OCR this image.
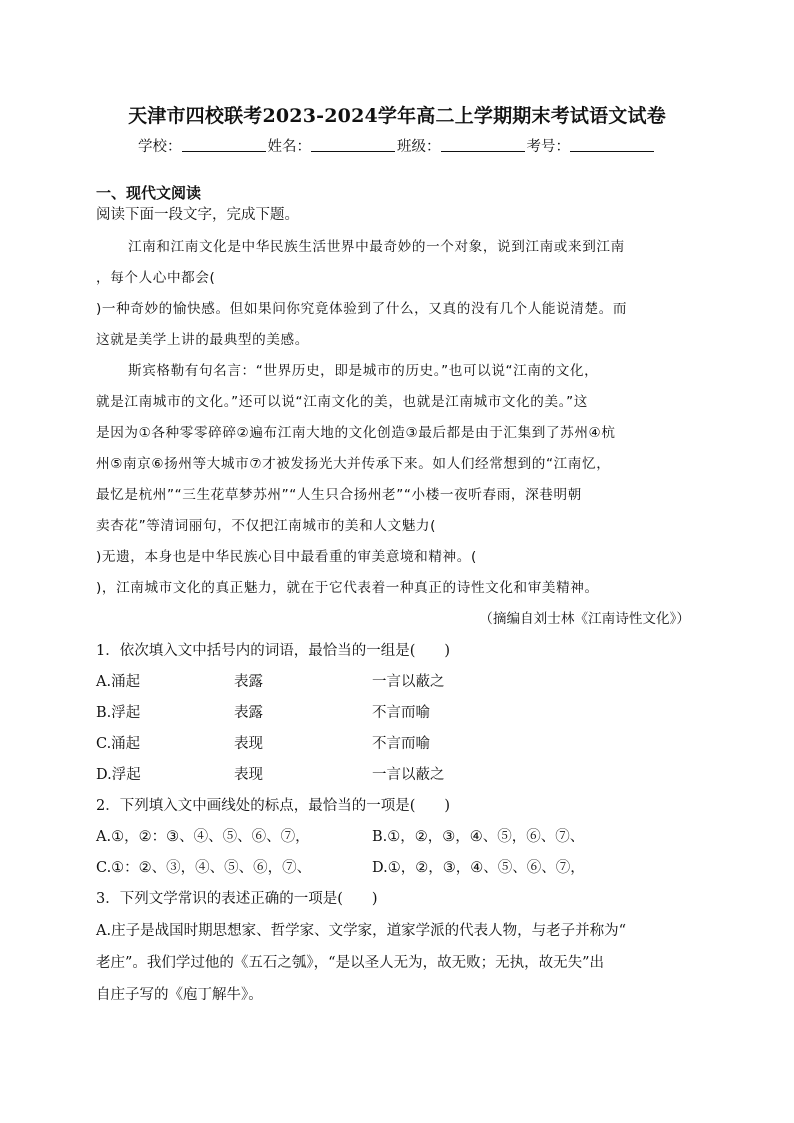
天津市四校联考2023-2024学年高二上学期期末考试语文试卷
学校：	姓名：	班级：	考号：
一、现代文阅读
阅读下面一段文字，完成下题。
江南和江南文化是中华民族生活世界中最奇妙的一个对象，说到江南或来到江南
，每个人心中都会(
)一种奇妙的愉快感。但如果问你究竟体验到了什么，又真的没有几个人能说清楚。而
这就是美学上讲的最典型的美感。
斯宾格勒有句名言：“世界历史，即是城市的历史。”也可以说“江南的文化，
就是江南城市的文化。”还可以说“江南文化的美，也就是江南城市文化的美。”这
是因为①各种零零碎碎②遍布江南大地的文化创造③最后都是由于汇集到了苏州④杭
州⑤南京⑥扬州等大城市⑦才被发扬光大并传承下来。如人们经常想到的“江南忆，
最忆是杭州”“三生花草梦苏州”“人生只合扬州老”“小楼一夜听春雨，深巷明朝
卖杏花”等清词丽句，不仅把江南城市的美和人文魅力(
)无遗，本身也是中华民族心目中最看重的审美意境和精神。(
)，江南城市文化的真正魅力，就在于它代表着一种真正的诗性文化和审美精神。
（摘编自刘士林《江南诗性文化》）
1．依次填入文中括号内的词语，最恰当的一组是(　　)
A.涌起	表露	一言以蔽之
B.浮起	表露	不言而喻
C.涌起	表现	不言而喻
D.浮起	表现	一言以蔽之
2．下列填入文中画线处的标点，最恰当的一项是(　　)
A.①，②：③、④、⑤、⑥、⑦，	B.①，②，③，④、⑤，⑥、⑦、
C.①：②、③，④、⑤、⑥，⑦、	D.①，②，③，④、⑤、⑥、⑦，
3．下列文学常识的表述正确的一项是(　　)
A.庄子是战国时期思想家、哲学家、文学家，道家学派的代表人物，与老子并称为“
老庄”。我们学过他的《五石之瓠》，“是以圣人无为，故无败；无执，故无失”出
自庄子写的《庖丁解牛》。
